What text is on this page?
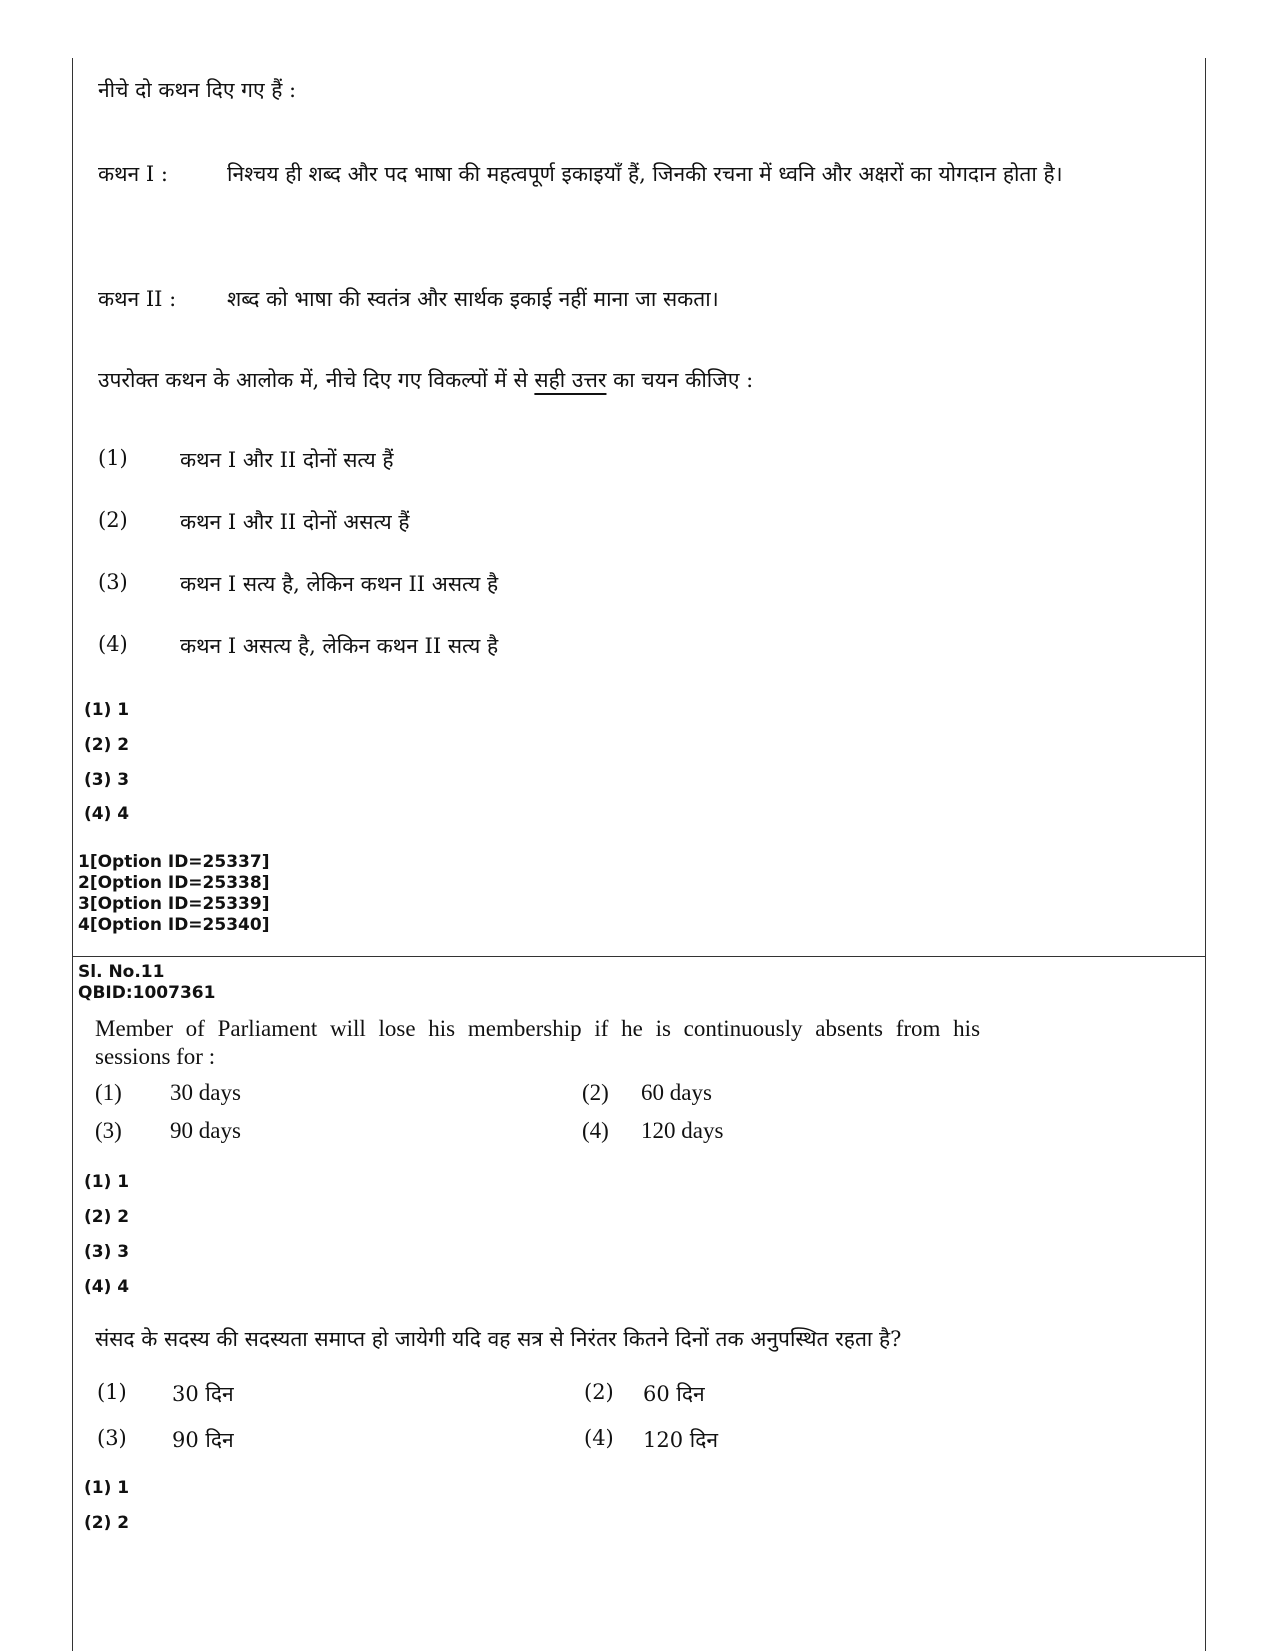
नीचे दो कथन दिए गए हैं :
कथन I :	निश्चय ही शब्द और पद भाषा की महत्वपूर्ण इकाइयाँ हैं, जिनकी रचना में ध्वनि और अक्षरों का योगदान होता है।
कथन II : शब्द को भाषा की स्वतंत्र और सार्थक इकाई नहीं माना जा सकता।
उपरोक्त कथन के आलोक में, नीचे दिए गए विकल्पों में से सही उत्तर का चयन कीजिए :
(1) कथन I और II दोनों सत्य हैं
(2) कथन I और II दोनों असत्य हैं
(3) कथन I सत्य है, लेकिन कथन II असत्य है
(4) कथन I असत्य है, लेकिन कथन II सत्य है
(1) 1
(2) 2
(3) 3
(4) 4
1[Option ID=25337]
2[Option ID=25338]
3[Option ID=25339]
4[Option ID=25340]
Sl. No.11
QBID:1007361
Member of Parliament will lose his membership if he is continuously absents from his
sessions for :
(1) 30 days	(2) 60 days
(3) 90 days	(4) 120 days
(1) 1
(2) 2
(3) 3
(4) 4
संसद के सदस्य की सदस्यता समाप्त हो जायेगी यदि वह सत्र से निरंतर कितने दिनों तक अनुपस्थित रहता है?
(1) 30 दिन	(2) 60 दिन
(3) 90 दिन	(4) 120 दिन
(1) 1
(2) 2
